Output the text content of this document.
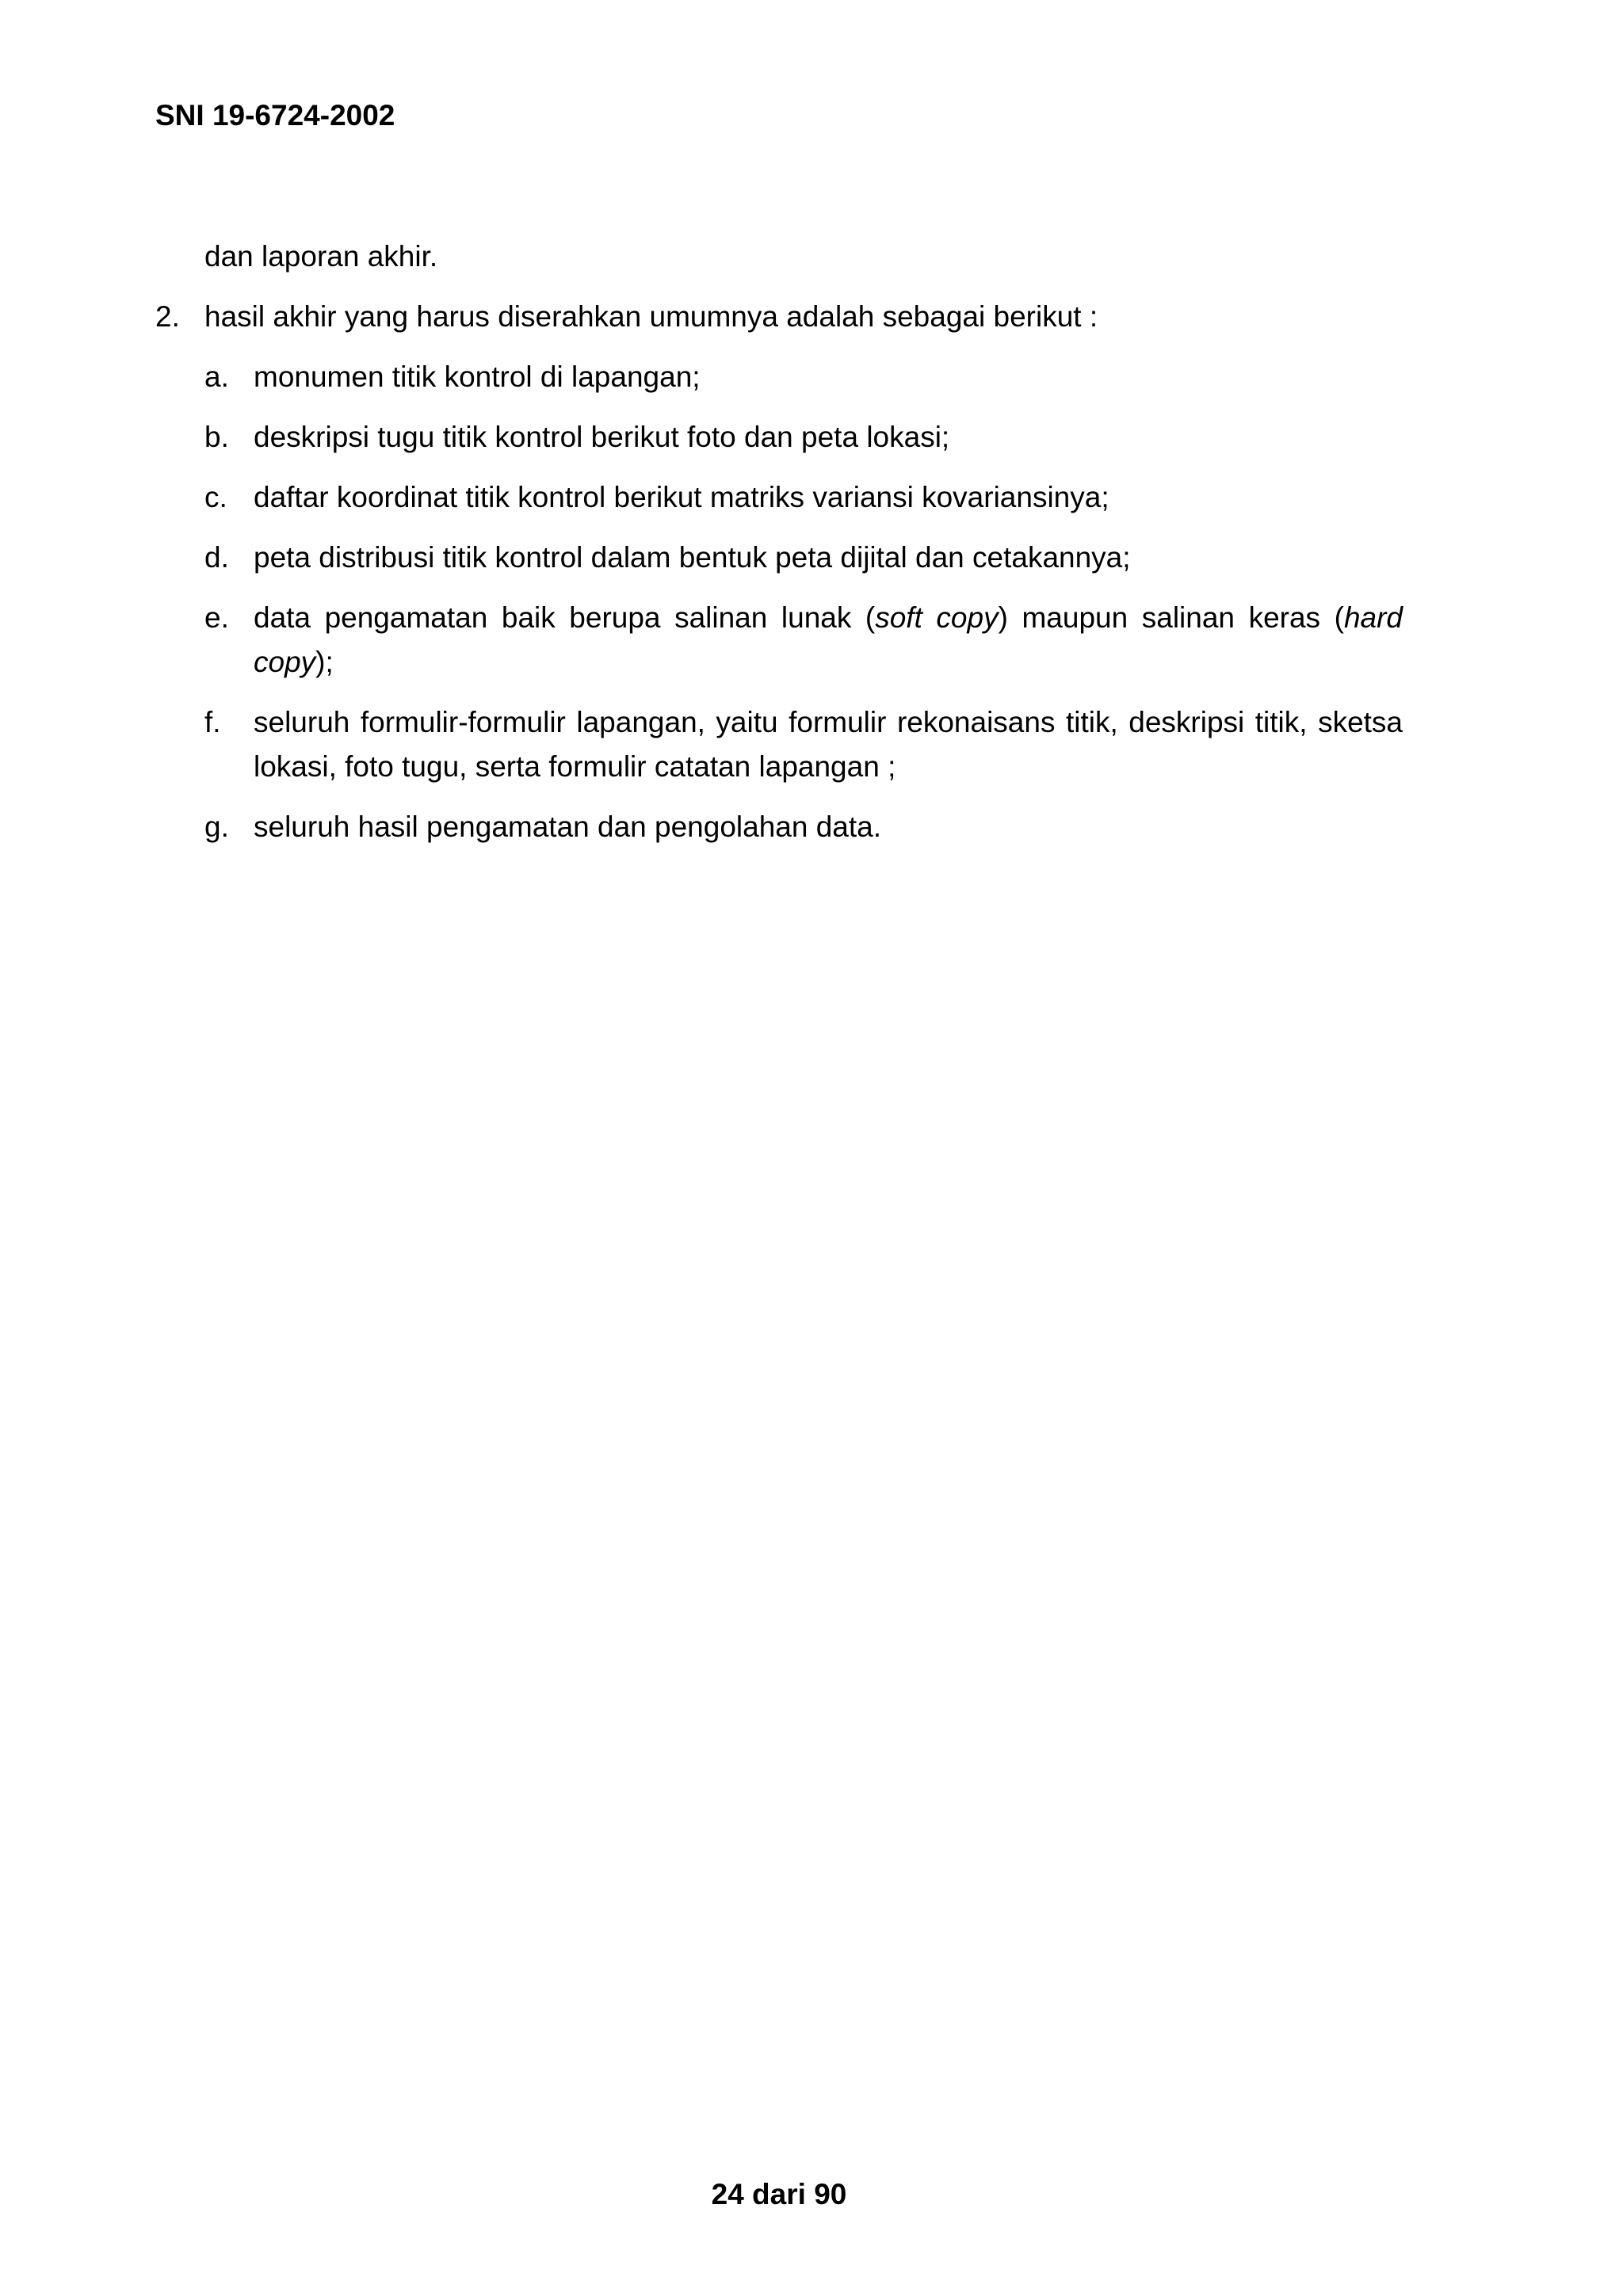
SNI 19-6724-2002

dan laporan akhir.

2. hasil akhir yang harus diserahkan umumnya adalah sebagai berikut :
a. monumen titik kontrol di lapangan;
b. deskripsi tugu titik kontrol berikut foto dan peta lokasi;
c. daftar koordinat titik kontrol berikut matriks variansi kovariansinya;
d. peta distribusi titik kontrol dalam bentuk peta dijital dan cetakannya;
e. data pengamatan baik berupa salinan lunak (soft copy) maupun salinan keras (hard copy);
f. seluruh formulir-formulir lapangan, yaitu formulir rekonaisans titik, deskripsi titik, sketsa lokasi, foto tugu, serta formulir catatan lapangan ;
g. seluruh hasil pengamatan dan pengolahan data.
24 dari 90
